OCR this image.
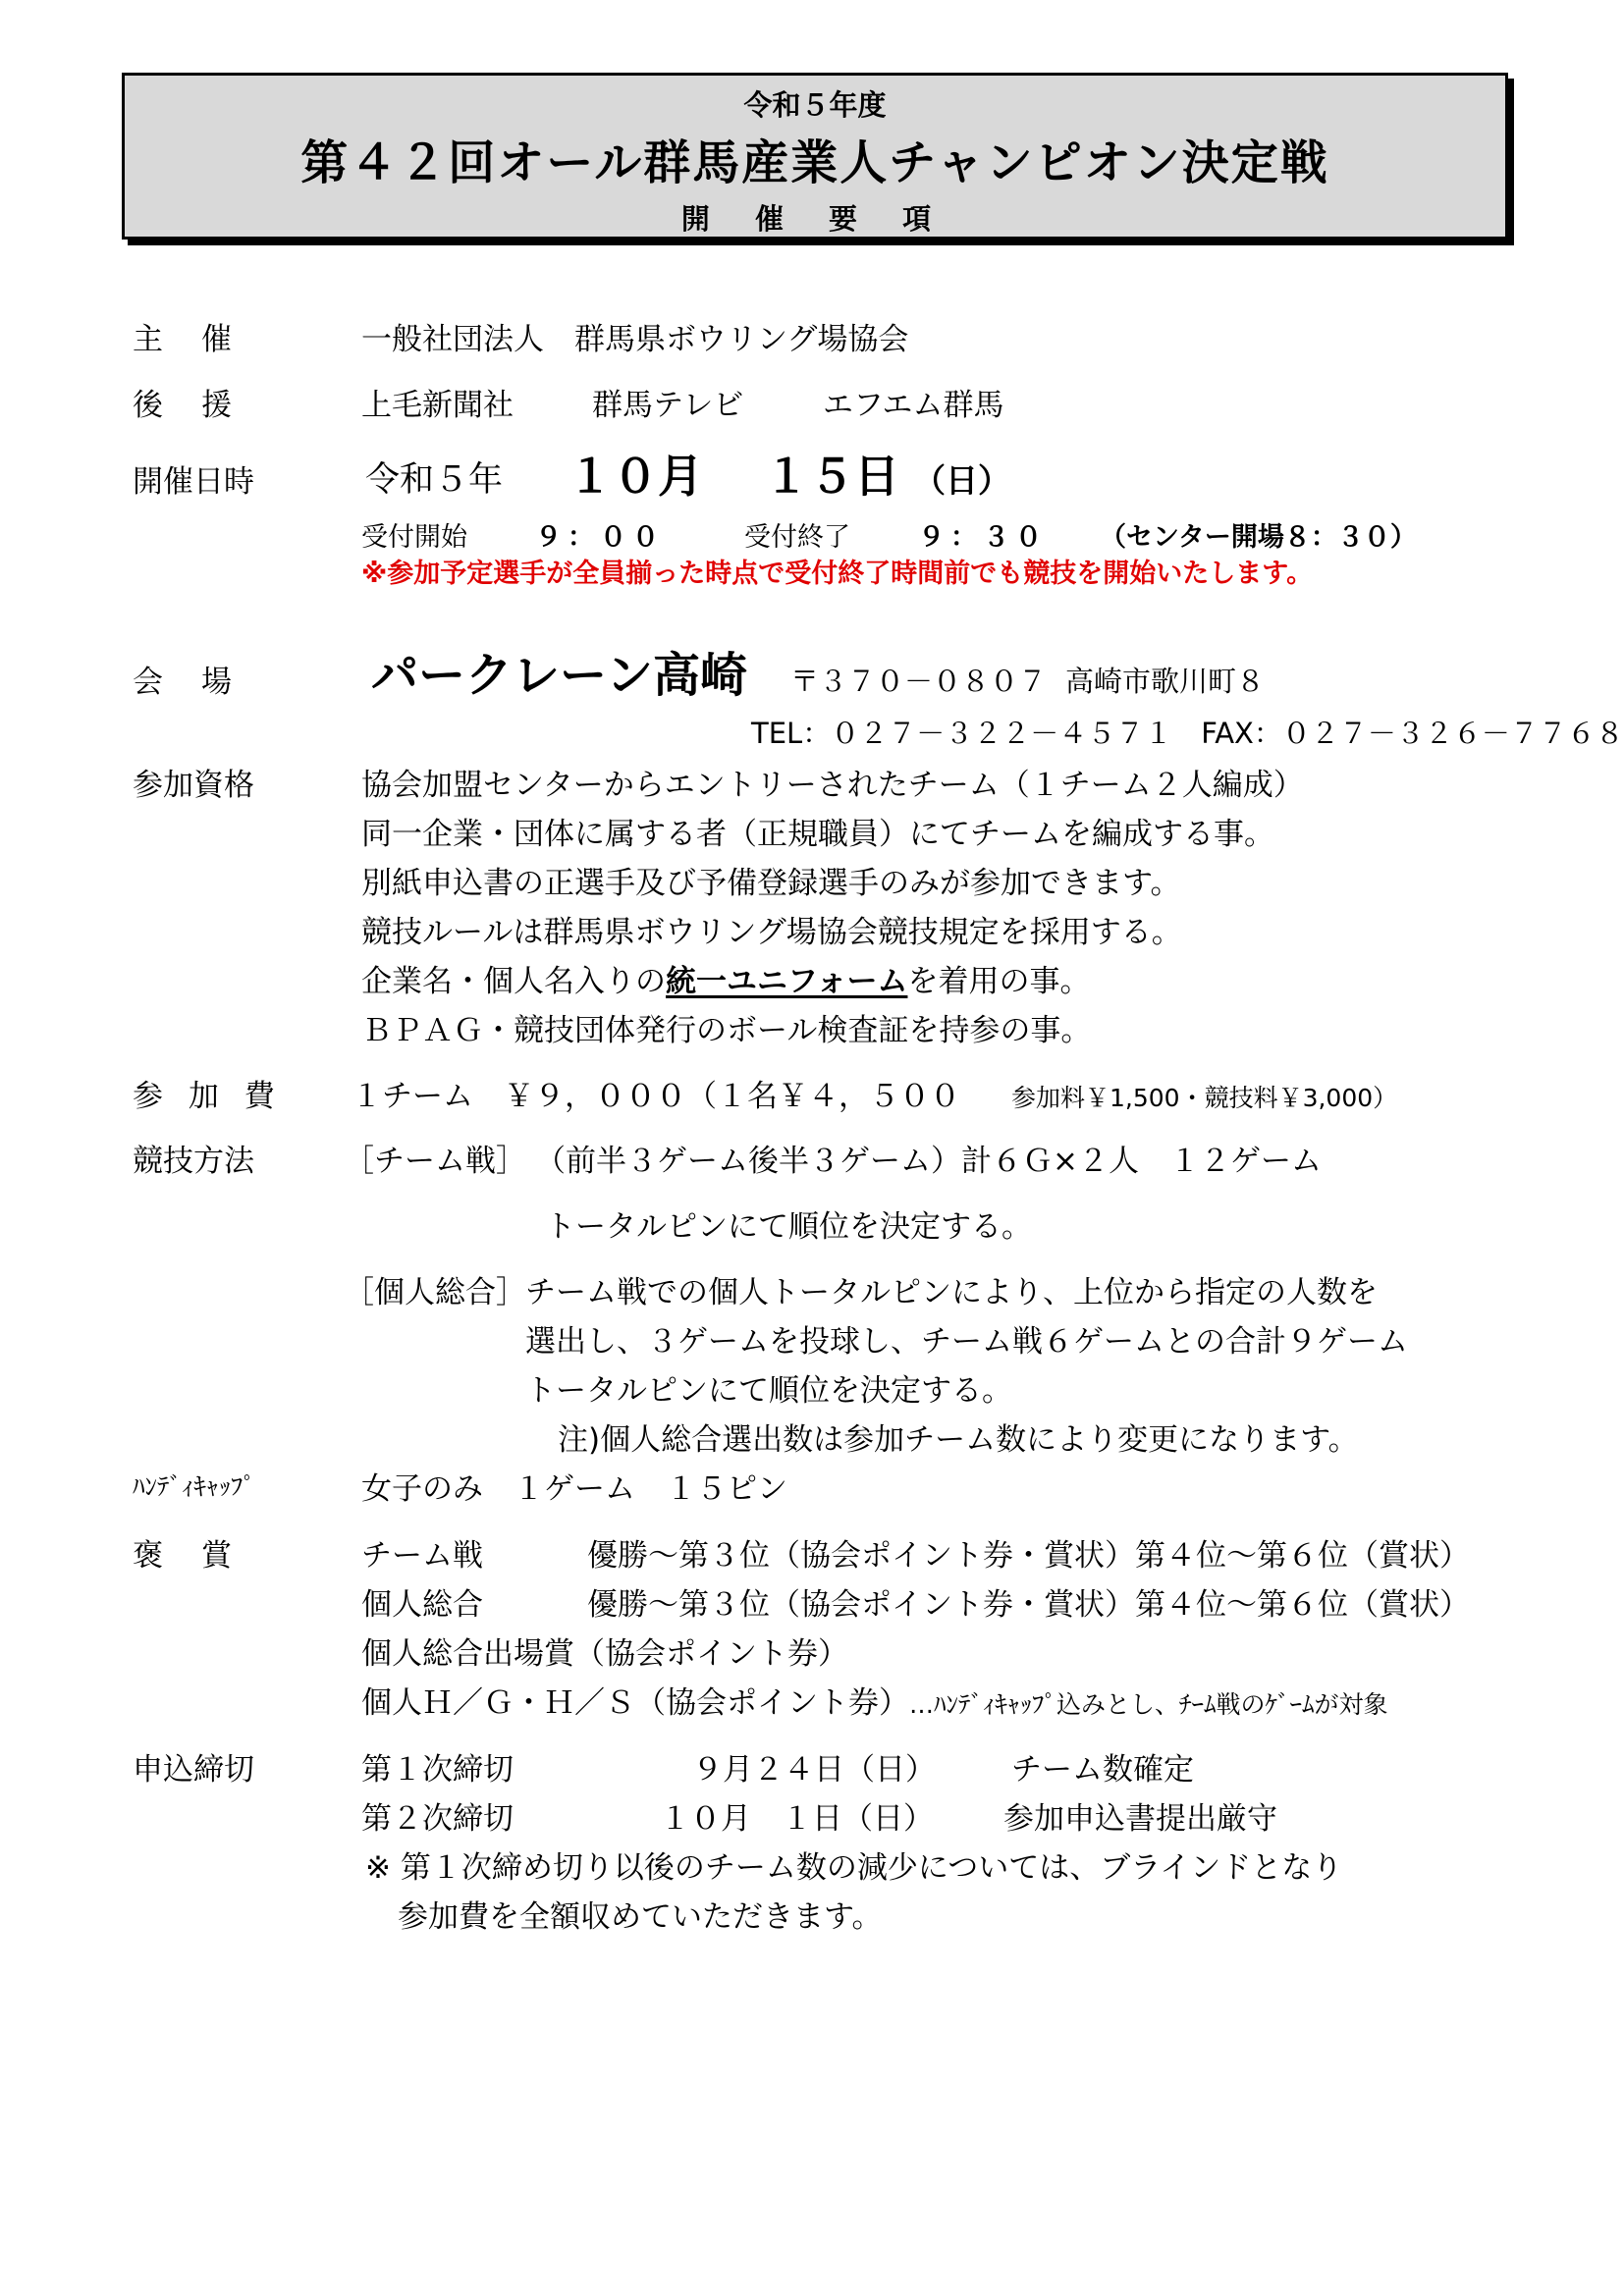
令和５年度
第４２回オール群馬産業人チャンピオン決定戦
開 催 要 項
主　催	一般社団法人　群馬県ボウリング場協会
後　援	上毛新聞社	群馬テレビ	エフエム群馬
開催日時	令和５年 １０月 １５日 （日）
受付開始	９：００	受付終了	９：３０ （センター開場８：３０）
※参加予定選手が全員揃った時点で受付終了時間前でも競技を開始いたします。
会　場	パークレーン高崎 〒３７０－０８０７ 高崎市歌川町８
TEL：０２７－３２２－４５７１　FAX：０２７－３２６－７７６８
参加資格	協会加盟センターからエントリーされたチーム（１チーム２人編成）
同一企業・団体に属する者（正規職員）にてチームを編成する事。
別紙申込書の正選手及び予備登録選手のみが参加できます。
競技ルールは群馬県ボウリング場協会競技規定を採用する。
企業名・個人名入りの統一ユニフォームを着用の事。
ＢＰＡＧ・競技団体発行のボール検査証を持参の事。
参 加 費 １チーム　￥９，０００（１名￥４，５００ 参加料￥1,500・競技料￥3,000）
競技方法	［チーム戦］ （前半３ゲーム後半３ゲーム）計６Ｇ×２人　１２ゲーム
トータルピンにて順位を決定する。
［個人総合］ チーム戦での個人トータルピンにより、上位から指定の人数を
選出し、３ゲームを投球し、チーム戦６ゲームとの合計９ゲーム
トータルピンにて順位を決定する。
注)個人総合選出数は参加チーム数により変更になります。
ﾊﾝﾃﾞｨｷｬｯﾌﾟ	女子のみ　１ゲーム　１５ピン
褒　賞	チーム戦	優勝～第３位（協会ポイント券・賞状）第４位～第６位（賞状）
個人総合	優勝～第３位（協会ポイント券・賞状）第４位～第６位（賞状）
個人総合出場賞（協会ポイント券）
個人Ｈ／Ｇ・Ｈ／Ｓ（協会ポイント券）…ﾊﾝﾃﾞｨｷｬｯﾌﾟ込みとし、ﾁｰﾑ戦のｹﾞｰﾑが対象
申込締切	第１次締切	９月２４日（日） チーム数確定
第２次締切	１０月　１日（日） 参加申込書提出厳守
※ 第１次締め切り以後のチーム数の減少については、ブラインドとなり
参加費を全額収めていただきます。
